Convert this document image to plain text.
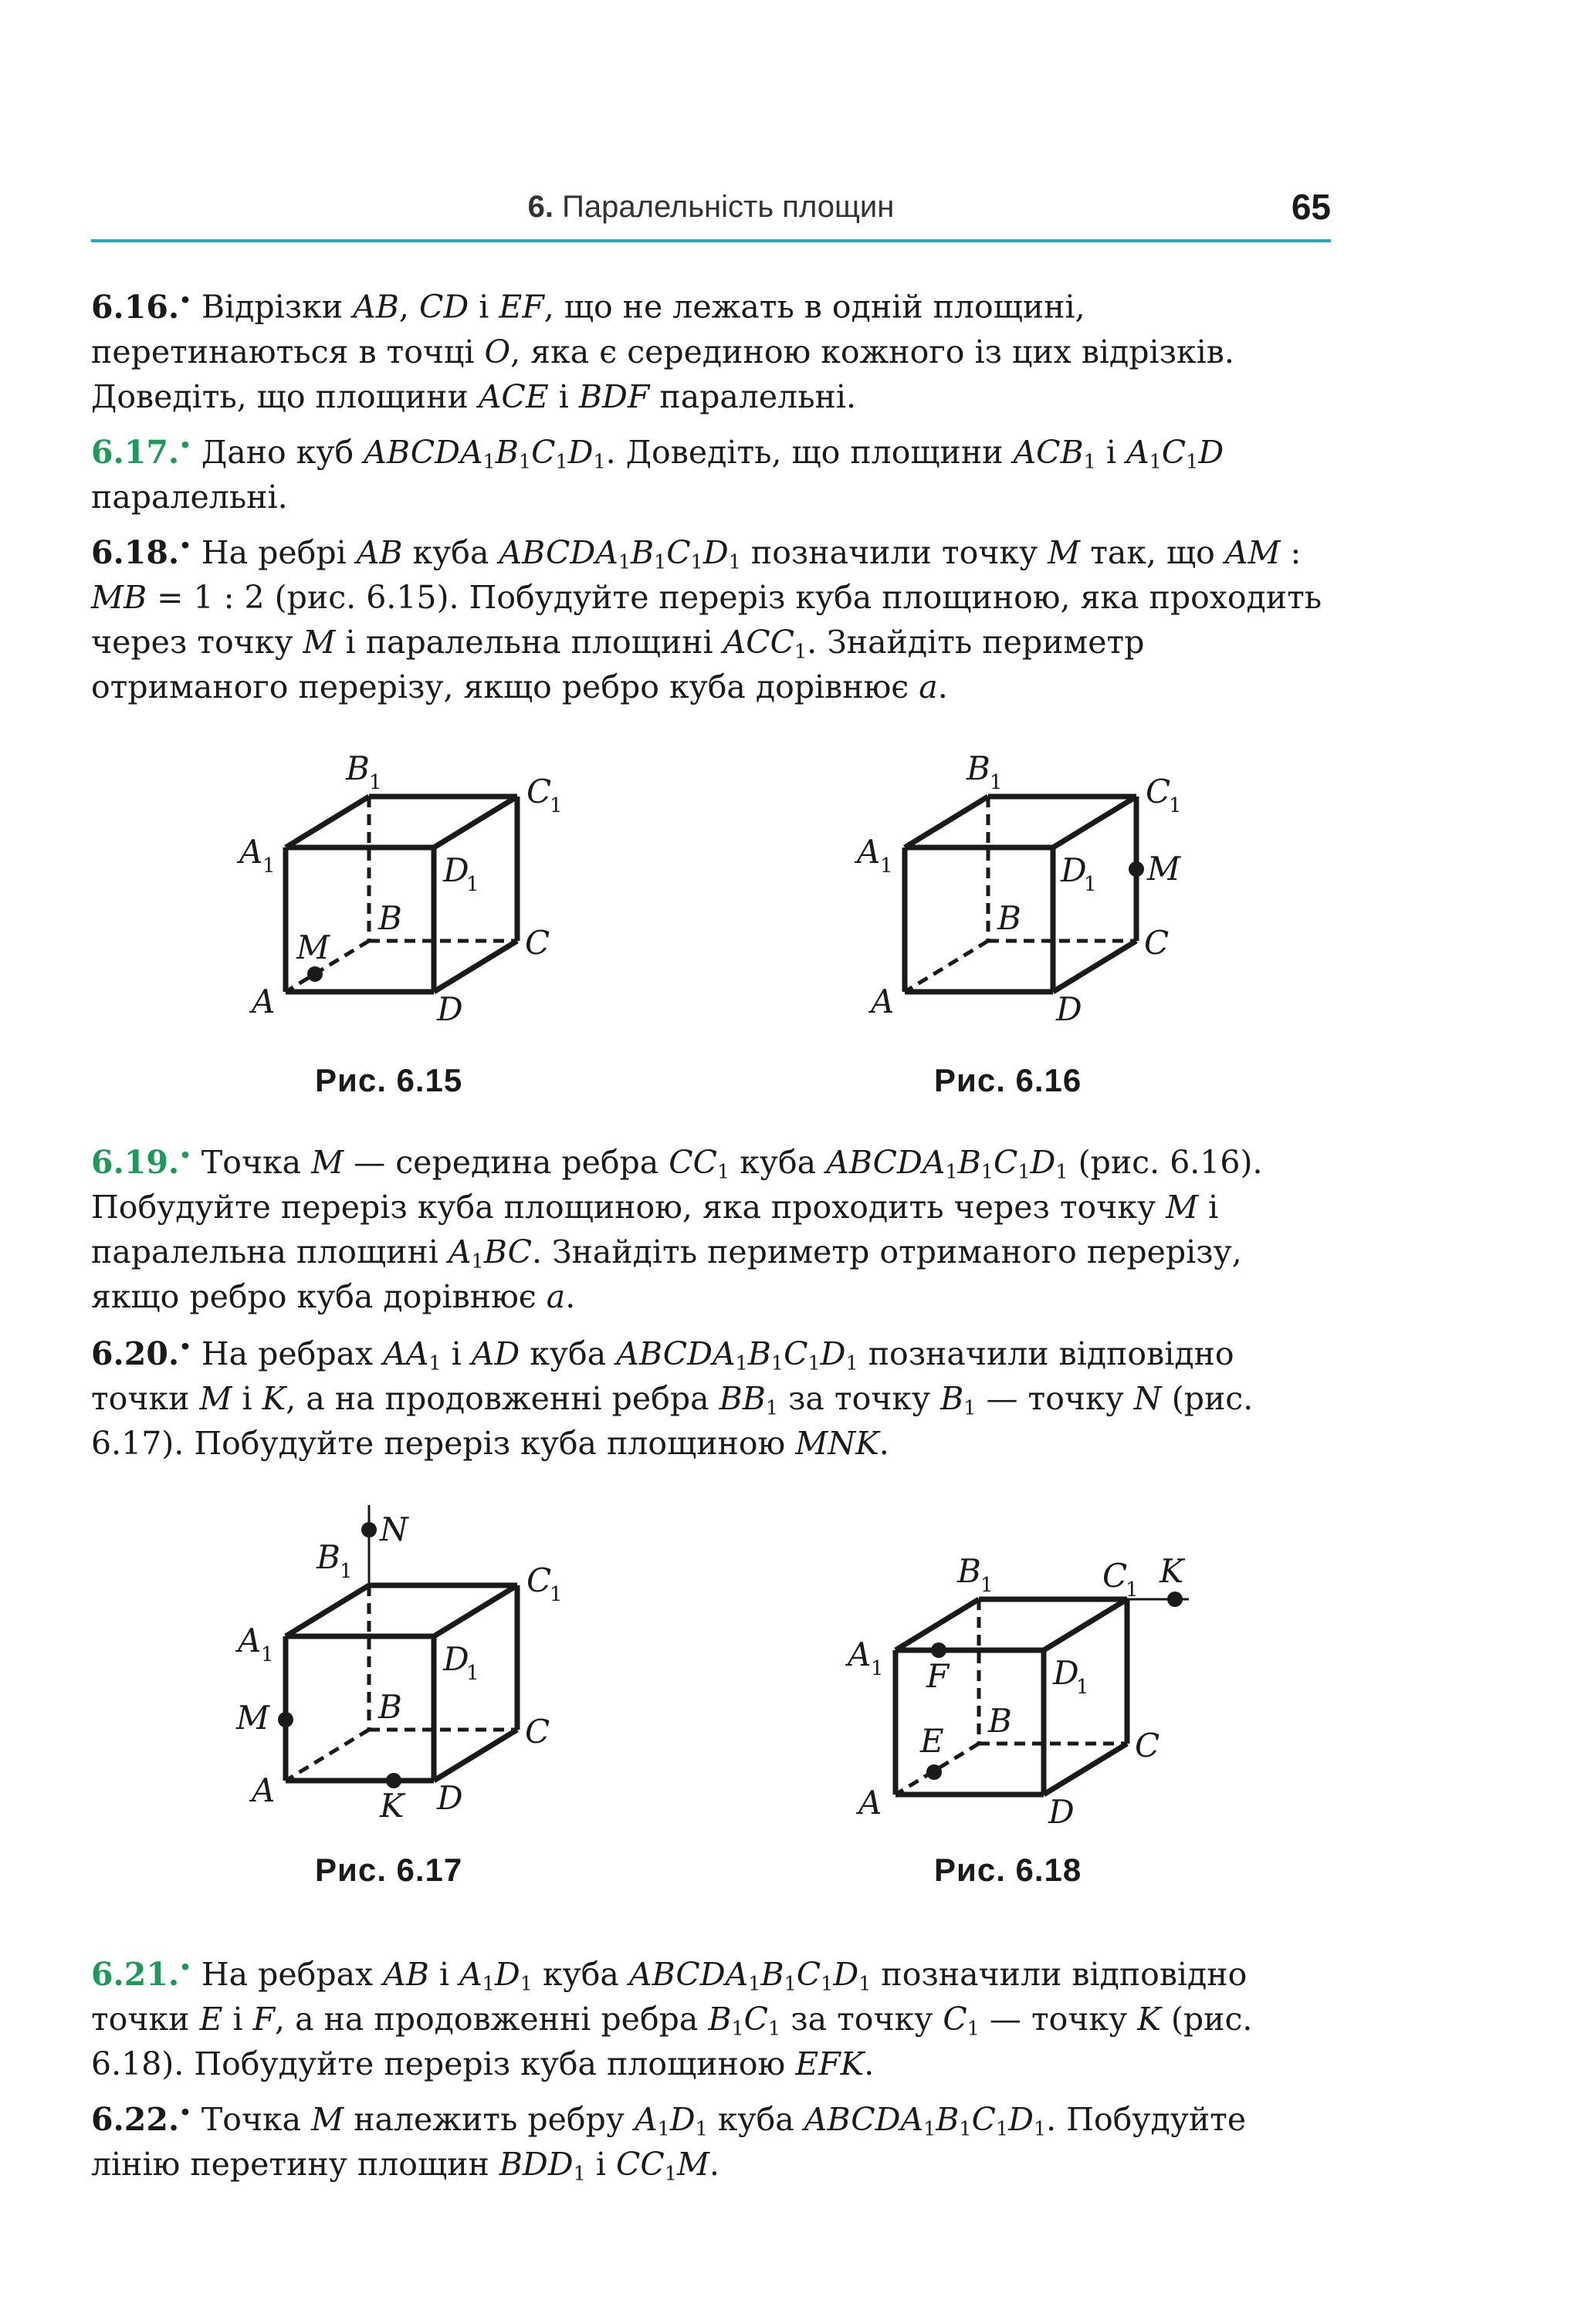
6. Паралельність площин	65

6.16.• Відрізки AB, CD і EF, що не лежать в одній площині, перетинаються в точці O, яка є серединою кожного із цих відрізків. Доведіть, що площини ACE і BDF паралельні.

6.17.• Дано куб $ABCDA_1B_1C_1D_1$. Доведіть, що площини $ACB_1$ і $A_1C_1D$ паралельні.

6.18.• На ребрі AB куба $ABCDA_1B_1C_1D_1$ позначили точку M так, що AM : MB = 1 : 2 (рис. 6.15). Побудуйте переріз куба площиною, яка проходить через точку M і паралельна площині $ACC_1$. Знайдіть периметр отриманого перерізу, якщо ребро куба дорівнює a.

B 1	C
1
A 1	D
1
M
B
C
A	D
Рис. 6.15
B 1	C
1
A 1	D
1 M
B
C
A	D
Рис. 6.16

6.19.• Точка M — середина ребра $CC_1$ куба $ABCDA_1B_1C_1D_1$ (рис. 6.16). Побудуйте переріз куба площиною, яка проходить через точку M і паралельна площині $A_1BC$. Знайдіть периметр отриманого перерізу, якщо ребро куба дорівнює a.

6.20.• На ребрах $AA_1$ і AD куба $ABCDA_1B_1C_1D_1$ позначили відповідно точки M і K, а на продовженні ребра $BB_1$ за точку $B_1$ — точку N (рис. 6.17). Побудуйте переріз куба площиною MNK.

N
B 1	C
1
A 1	D
1
M	B
C
A	K D
Рис. 6.17
B 1	C
1 K
A 1 F	D
1
E
B
C
A	D
Рис. 6.18

6.21.• На ребрах AB і $A_1D_1$ куба $ABCDA_1B_1C_1D_1$ позначили відповідно точки E і F, а на продовженні ребра $B_1C_1$ за точку $C_1$ — точку K (рис. 6.18). Побудуйте переріз куба площиною EFK.

6.22.• Точка M належить ребру $A_1D_1$ куба $ABCDA_1B_1C_1D_1$. Побудуйте лінію перетину площин $BDD_1$ і $CC_1M$.
